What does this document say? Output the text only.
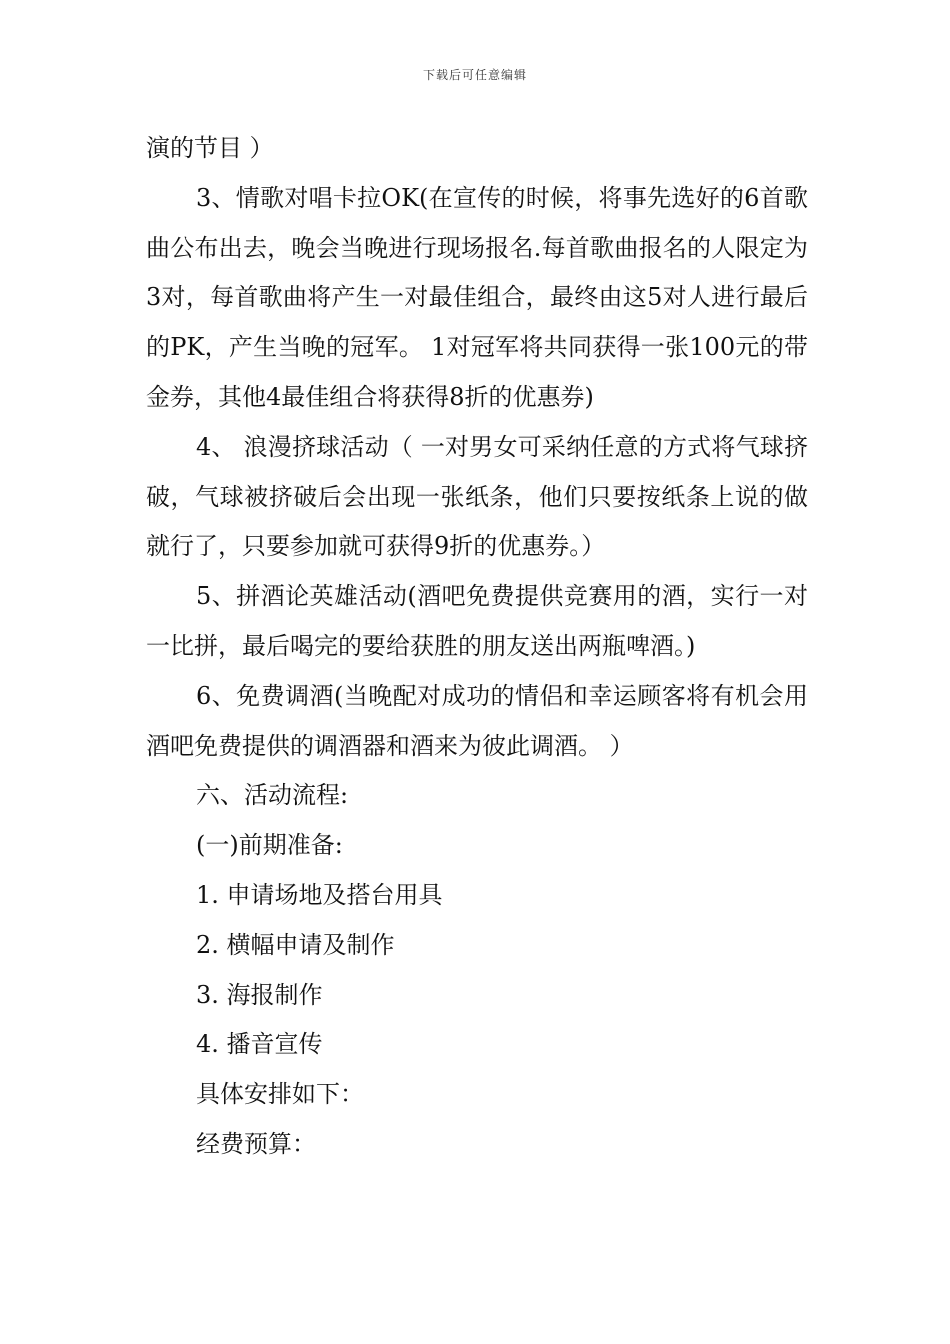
下载后可任意编辑

演的节目 ）

3、情歌对唱卡拉OK(在宣传的时候，将事先选好的6首歌曲公布出去，晚会当晚进行现场报名.每首歌曲报名的人限定为3对，每首歌曲将产生一对最佳组合，最终由这5对人进行最后的PK，产生当晚的冠军。 1对冠军将共同获得一张100元的带金券，其他4最佳组合将获得8折的优惠券)

4、 浪漫挤球活动（ 一对男女可采纳任意的方式将气球挤破，气球被挤破后会出现一张纸条，他们只要按纸条上说的做就行了，只要参加就可获得9折的优惠券。）

5、拼酒论英雄活动(酒吧免费提供竞赛用的酒，实行一对一比拼，最后喝完的要给获胜的朋友送出两瓶啤酒。)

6、免费调酒(当晚配对成功的情侣和幸运顾客将有机会用酒吧免费提供的调酒器和酒来为彼此调酒。 ）

六、活动流程:

(一)前期准备:

1. 申请场地及搭台用具

2. 横幅申请及制作

3. 海报制作

4. 播音宣传

具体安排如下：

经费预算：
